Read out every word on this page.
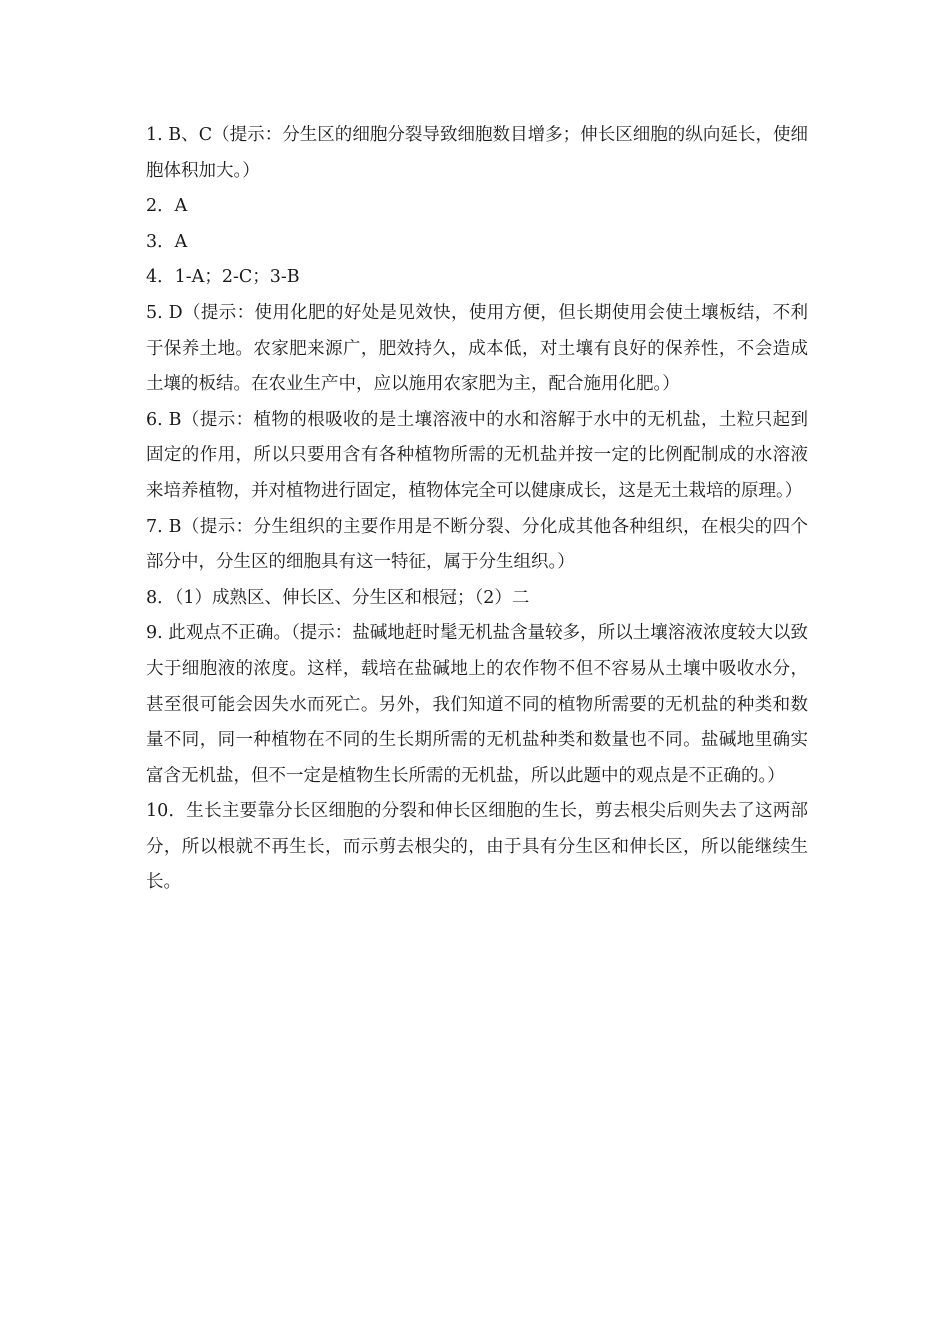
1. B、C（提示：分生区的细胞分裂导致细胞数目增多；伸长区细胞的纵向延长，使细胞体积加大。）

2．A

3．A

4．1-A；2-C；3-B

5. D（提示：使用化肥的好处是见效快，使用方便，但长期使用会使土壤板结，不利于保养土地。农家肥来源广，肥效持久，成本低，对土壤有良好的保养性，不会造成土壤的板结。在农业生产中，应以施用农家肥为主，配合施用化肥。）

6. B（提示：植物的根吸收的是土壤溶液中的水和溶解于水中的无机盐，土粒只起到固定的作用，所以只要用含有各种植物所需的无机盐并按一定的比例配制成的水溶液来培养植物，并对植物进行固定，植物体完全可以健康成长，这是无土栽培的原理。）

7. B（提示：分生组织的主要作用是不断分裂、分化成其他各种组织，在根尖的四个部分中，分生区的细胞具有这一特征，属于分生组织。）

8．（1）成熟区、伸长区、分生区和根冠；（2）二

9. 此观点不正确。（提示：盐碱地赶时髦无机盐含量较多，所以土壤溶液浓度较大以致大于细胞液的浓度。这样，载培在盐碱地上的农作物不但不容易从土壤中吸收水分，甚至很可能会因失水而死亡。另外，我们知道不同的植物所需要的无机盐的种类和数量不同，同一种植物在不同的生长期所需的无机盐种类和数量也不同。盐碱地里确实富含无机盐，但不一定是植物生长所需的无机盐，所以此题中的观点是不正确的。）

10．生长主要靠分长区细胞的分裂和伸长区细胞的生长，剪去根尖后则失去了这两部分，所以根就不再生长，而示剪去根尖的，由于具有分生区和伸长区，所以能继续生长。
